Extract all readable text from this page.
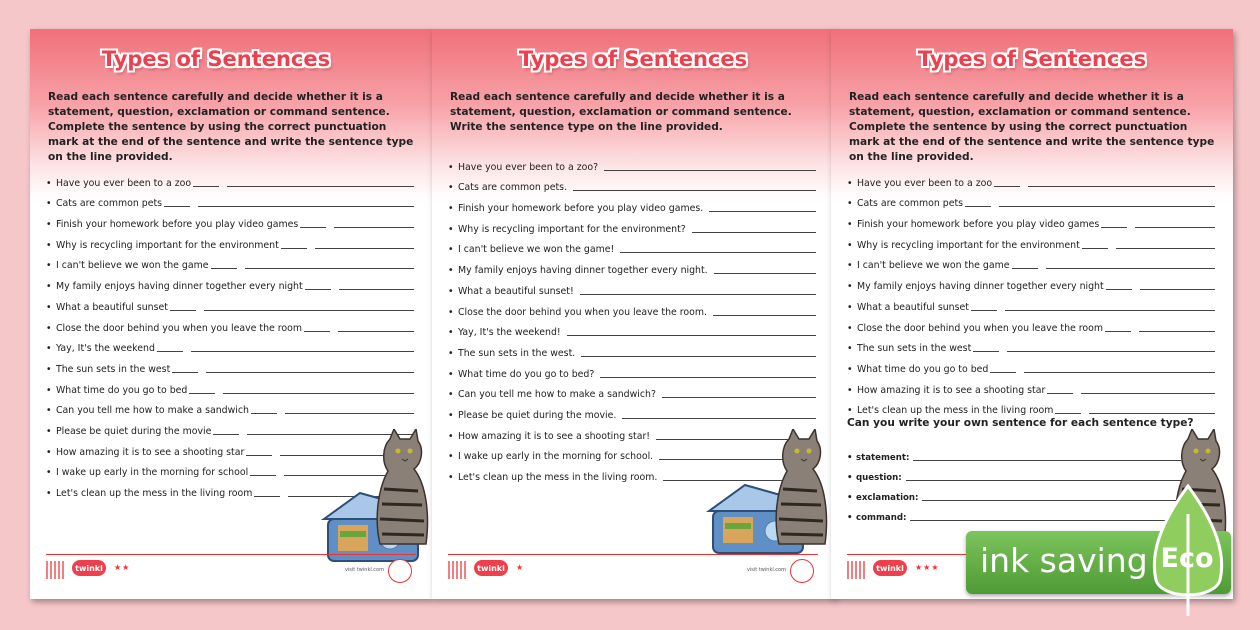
Types of Sentences
Read each sentence carefully and decide whether it is a statement, question, exclamation or command sentence. Complete the sentence by using the correct punctuation mark at the end of the sentence and write the sentence type on the line provided.
• Have you ever been to a zoo
• Cats are common pets
• Finish your homework before you play video games
• Why is recycling important for the environment
• I can't believe we won the game
• My family enjoys having dinner together every night
• What a beautiful sunset
• Close the door behind you when you leave the room
• Yay, It's the weekend
• The sun sets in the west
• What time do you go to bed
• Can you tell me how to make a sandwich
• Please be quiet during the movie
• How amazing it is to see a shooting star
• I wake up early in the morning for school
• Let's clean up the mess in the living room
twinkl	★★	visit twinkl.com
Types of Sentences
Read each sentence carefully and decide whether it is a statement, question, exclamation or command sentence. Write the sentence type on the line provided.
• Have you ever been to a zoo?
• Cats are common pets.
• Finish your homework before you play video games.
• Why is recycling important for the environment?
• I can't believe we won the game!
• My family enjoys having dinner together every night.
• What a beautiful sunset!
• Close the door behind you when you leave the room.
• Yay, It's the weekend!
• The sun sets in the west.
• What time do you go to bed?
• Can you tell me how to make a sandwich?
• Please be quiet during the movie.
• How amazing it is to see a shooting star!
• I wake up early in the morning for school.
• Let's clean up the mess in the living room.
twinkl	★	visit twinkl.com
Types of Sentences
Read each sentence carefully and decide whether it is a statement, question, exclamation or command sentence. Complete the sentence by using the correct punctuation mark at the end of the sentence and write the sentence type on the line provided.
• Have you ever been to a zoo
• Cats are common pets
• Finish your homework before you play video games
• Why is recycling important for the environment
• I can't believe we won the game
• My family enjoys having dinner together every night
• What a beautiful sunset
• Close the door behind you when you leave the room
• The sun sets in the west
• What time do you go to bed
• How amazing it is to see a shooting star
• Let's clean up the mess in the living room
Can you write your own sentence for each sentence type?
• statement:
• question:
• exclamation:
• command:
twinkl	★★★ ink saving Eco
